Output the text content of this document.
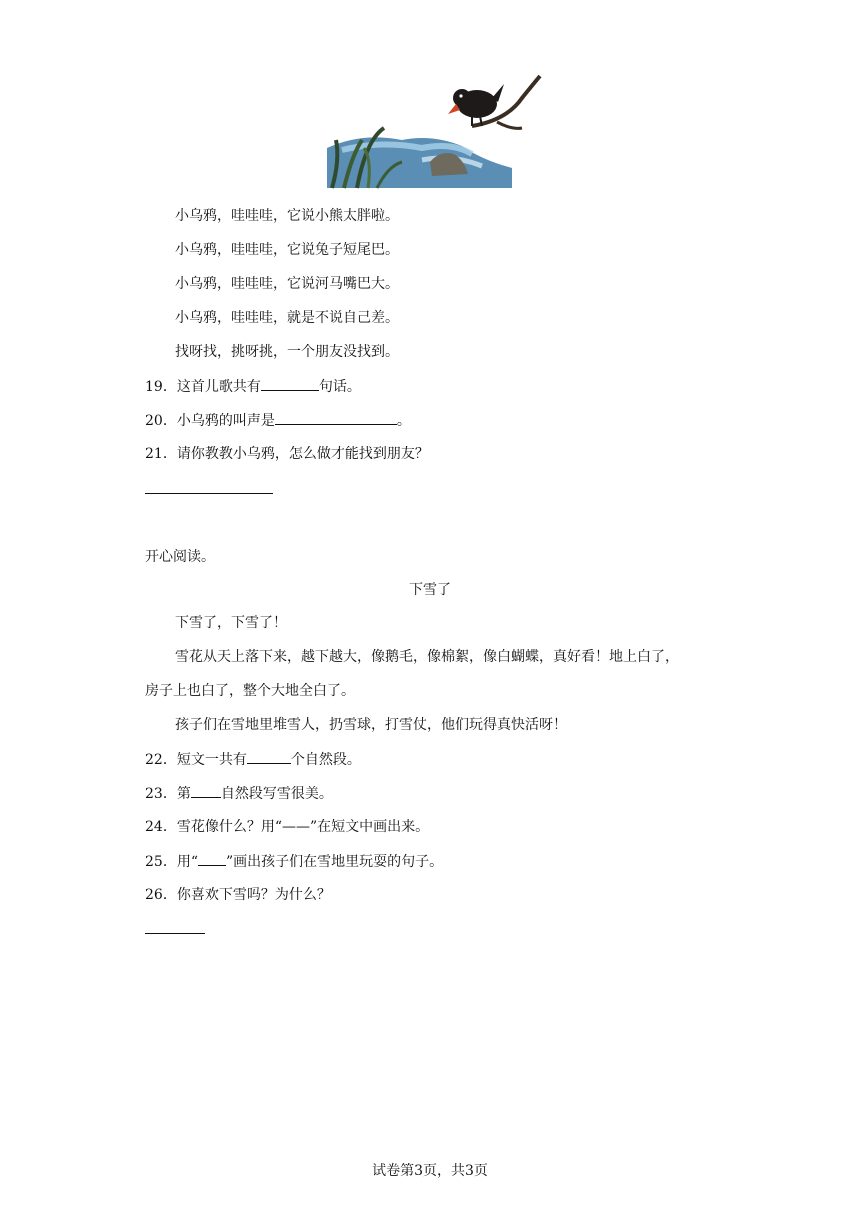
小乌鸦，哇哇哇，它说小熊太胖啦。
小乌鸦，哇哇哇，它说兔子短尾巴。
小乌鸦，哇哇哇，它说河马嘴巴大。
小乌鸦，哇哇哇，就是不说自己差。
找呀找，挑呀挑，一个朋友没找到。
19．这首儿歌共有	句话。
20．小乌鸦的叫声是	。
21．请你教教小乌鸦，怎么做才能找到朋友？
开心阅读。
下雪了
下雪了，下雪了！
雪花从天上落下来，越下越大，像鹅毛，像棉絮，像白蝴蝶，真好看！地上白了，
房子上也白了，整个大地全白了。
孩子们在雪地里堆雪人，扔雪球，打雪仗，他们玩得真快活呀！
22．短文一共有	个自然段。
23．第 自然段写雪很美。
24．雪花像什么？用“——”在短文中画出来。
25．用“ ”画出孩子们在雪地里玩耍的句子。
26．你喜欢下雪吗？为什么？
试卷第3页，共3页
